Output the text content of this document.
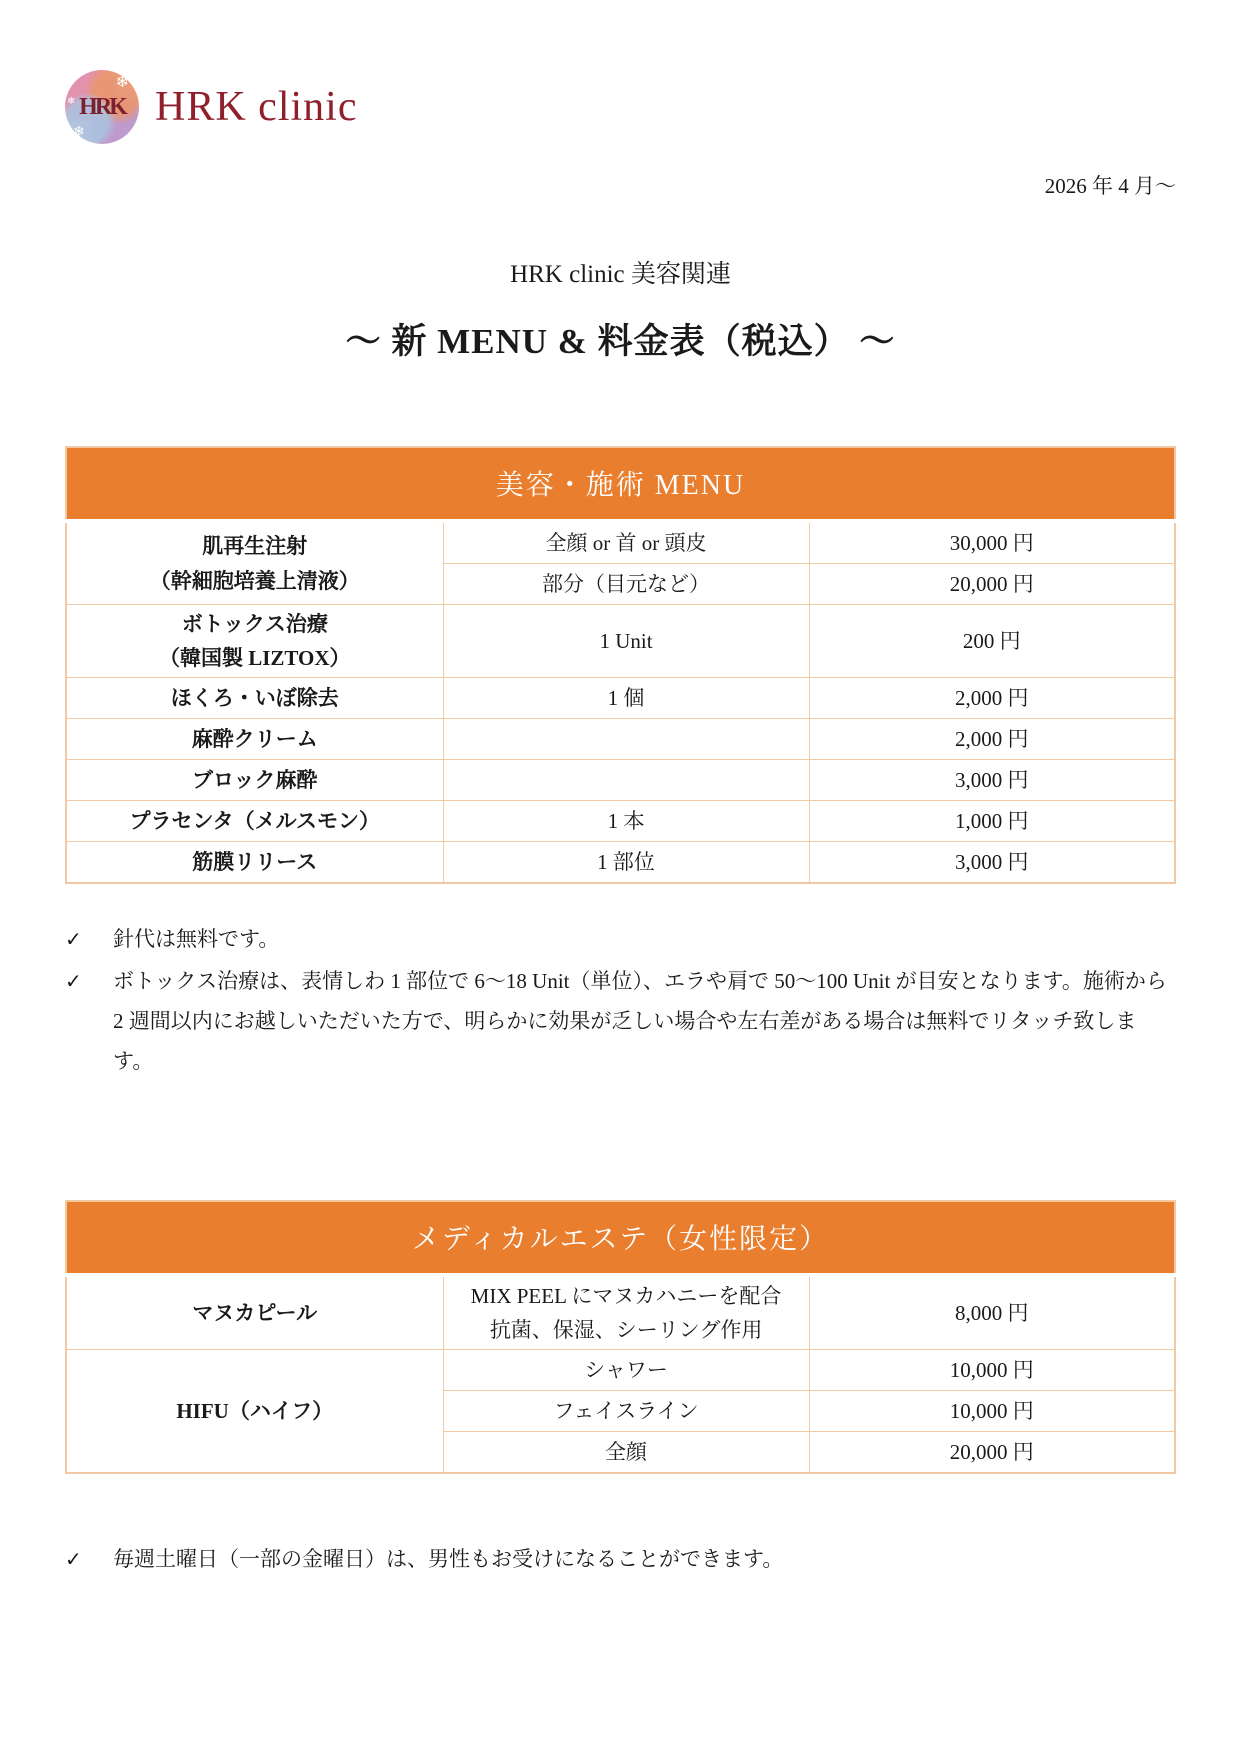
❄
❄
❄ HRK HRK clinic
2026 年 4 月～
HRK clinic 美容関連
～ 新 MENU & 料金表（税込） ～
美容・施術 MENU		
肌再生注射
（幹細胞培養上清液）	全顔 or 首 or 頭皮	30,000 円
	部分（目元など）	20,000 円
ボトックス治療
（韓国製 LIZTOX）	1 Unit	200 円
ほくろ・いぼ除去	1 個	2,000 円
麻酔クリーム		2,000 円
ブロック麻酔		3,000 円
プラセンタ（メルスモン）	1 本	1,000 円
筋膜リリース	1 部位	3,000 円
✓	針代は無料です。
✓	ボトックス治療は、表情しわ 1 部位で 6～18 Unit（単位）、エラや肩で 50～100 Unit が目安となります。施術から 2 週間以内にお越しいただいた方で、明らかに効果が乏しい場合や左右差がある場合は無料でリタッチ致します。
メディカルエステ（女性限定）		
マヌカピール	MIX PEEL にマヌカハニーを配合
抗菌、保湿、シーリング作用	8,000 円
HIFU（ハイフ）	シャワー	10,000 円
	フェイスライン	10,000 円
	全顔	20,000 円
✓	毎週土曜日（一部の金曜日）は、男性もお受けになることができます。
